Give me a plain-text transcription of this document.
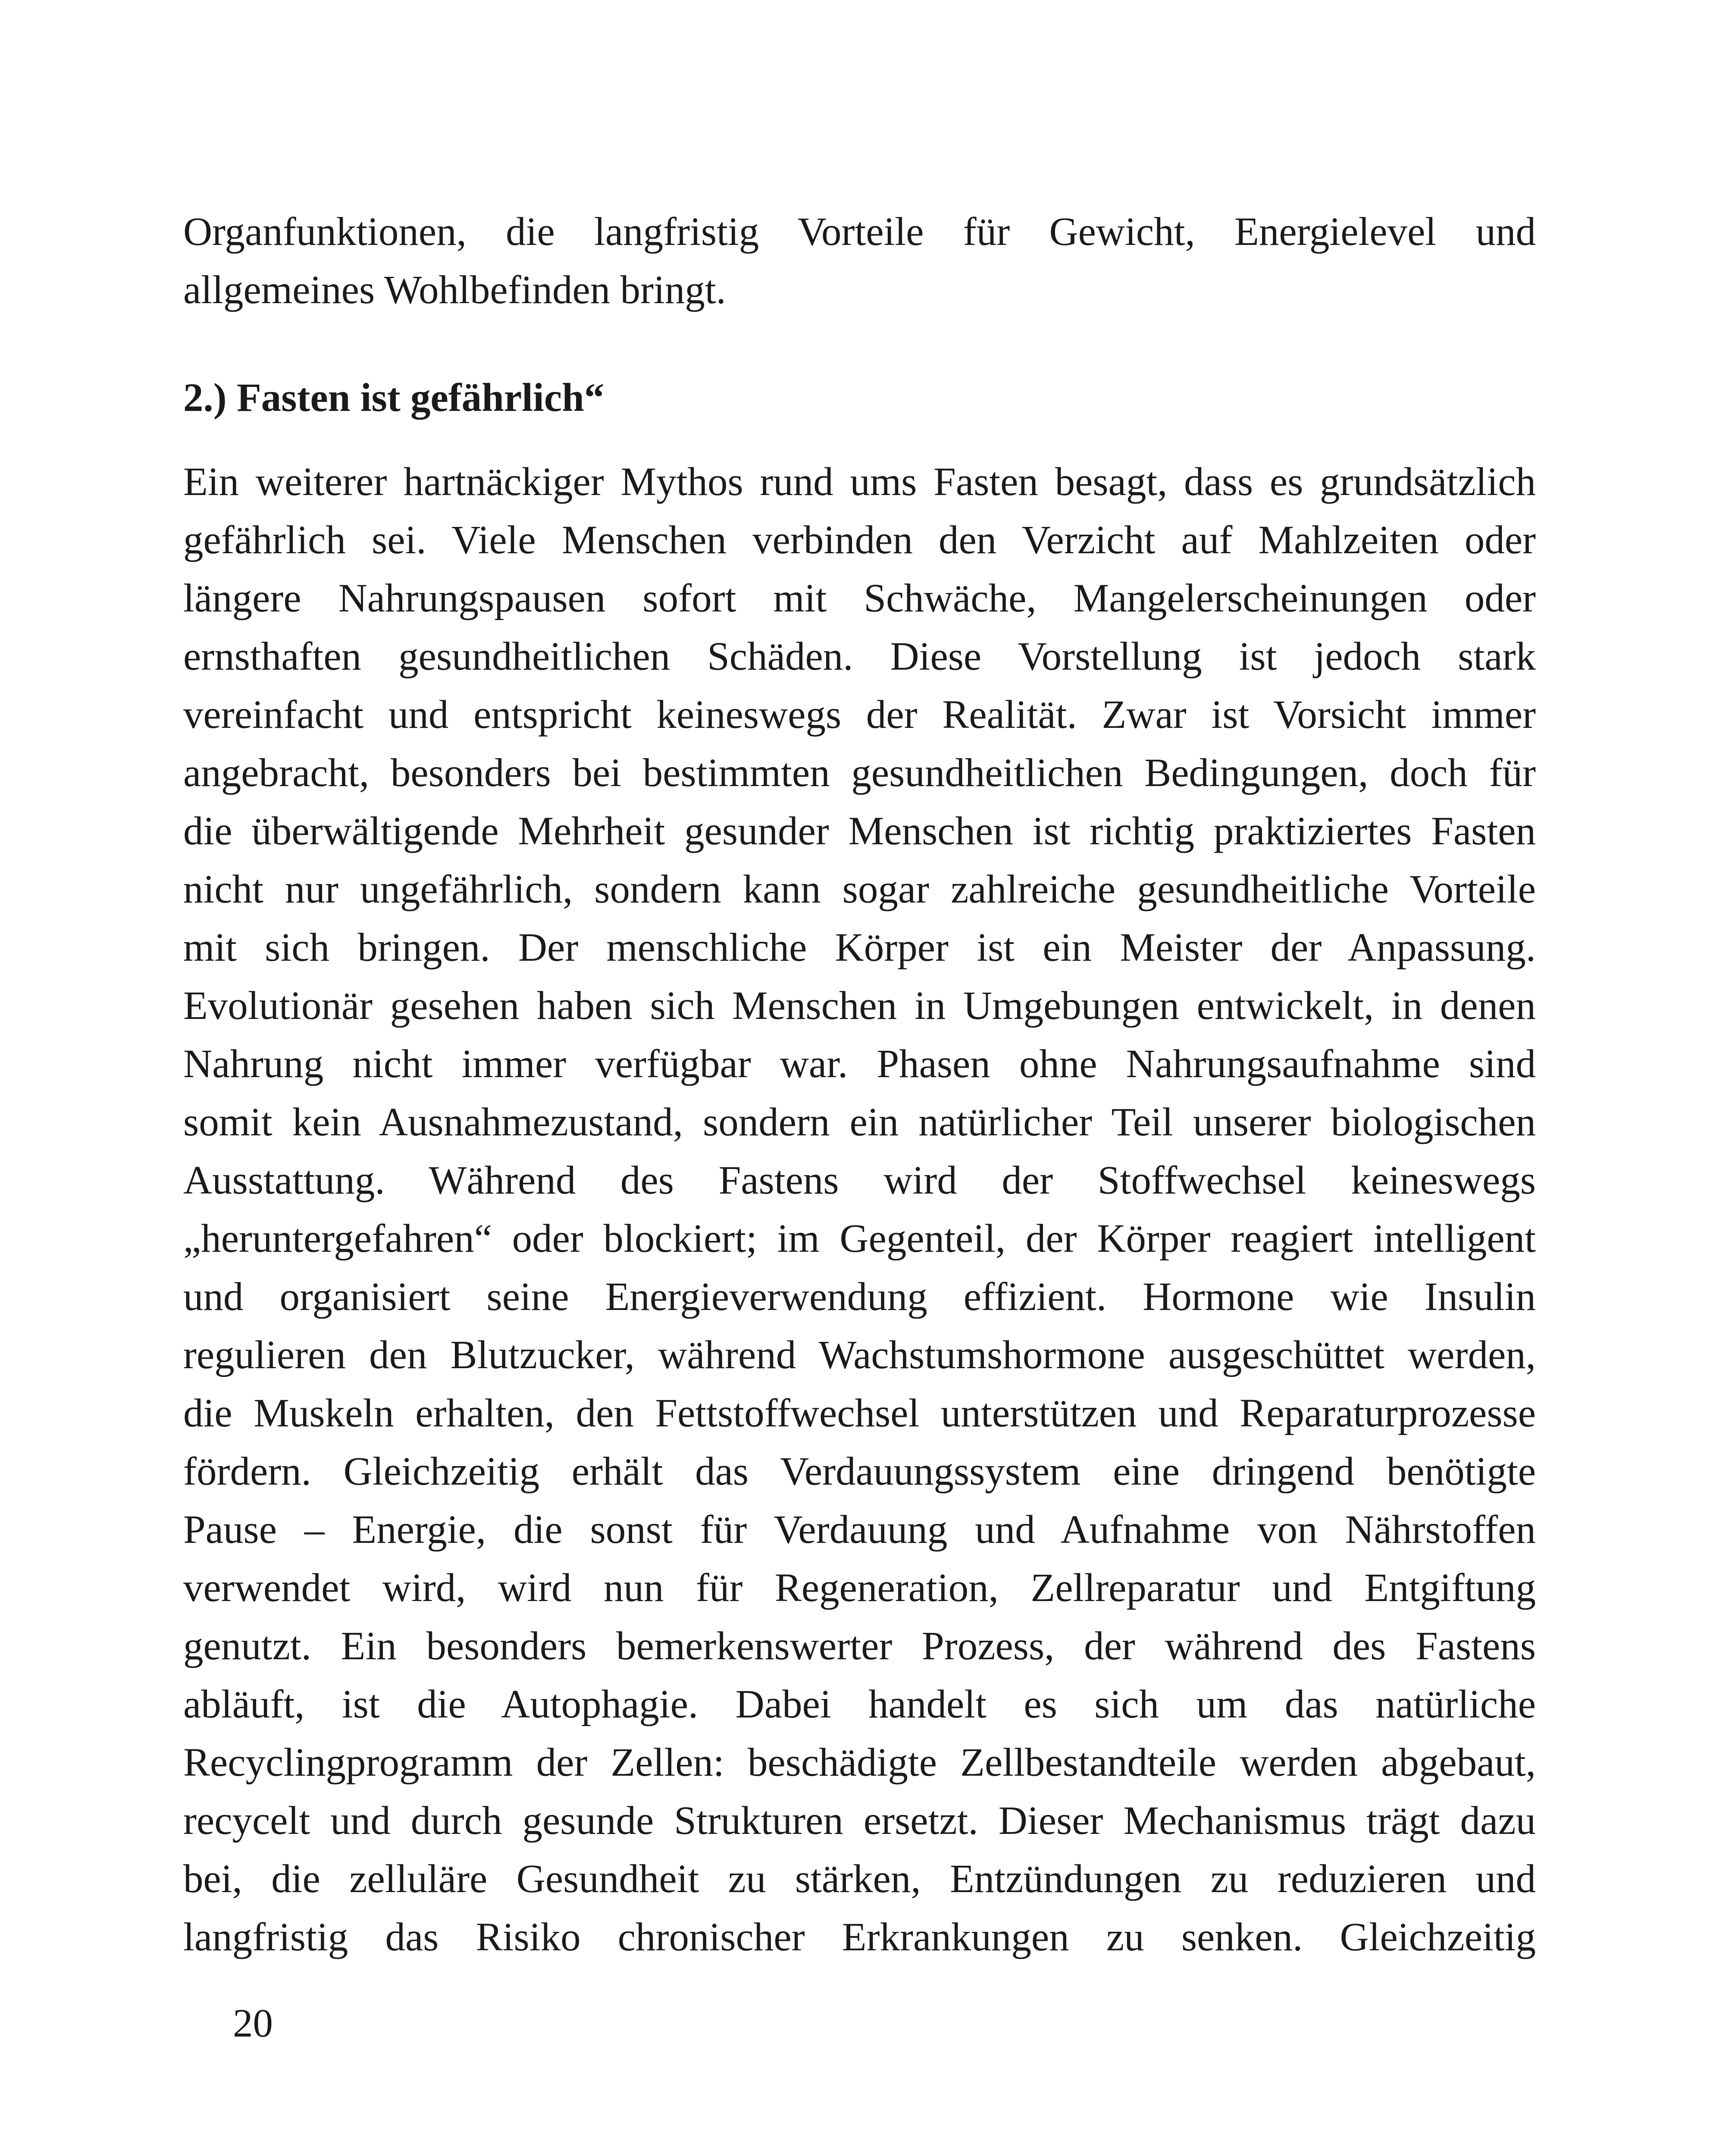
Organfunktionen, die langfristig Vorteile für Gewicht, Energielevel und
allgemeines Wohlbefinden bringt.
2.) Fasten ist gefährlich“
Ein weiterer hartnäckiger Mythos rund ums Fasten besagt, dass es grundsätzlich
gefährlich sei. Viele Menschen verbinden den Verzicht auf Mahlzeiten oder
längere Nahrungspausen sofort mit Schwäche, Mangelerscheinungen oder
ernsthaften gesundheitlichen Schäden. Diese Vorstellung ist jedoch stark
vereinfacht und entspricht keineswegs der Realität. Zwar ist Vorsicht immer
angebracht, besonders bei bestimmten gesundheitlichen Bedingungen, doch für
die überwältigende Mehrheit gesunder Menschen ist richtig praktiziertes Fasten
nicht nur ungefährlich, sondern kann sogar zahlreiche gesundheitliche Vorteile
mit sich bringen. Der menschliche Körper ist ein Meister der Anpassung.
Evolutionär gesehen haben sich Menschen in Umgebungen entwickelt, in denen
Nahrung nicht immer verfügbar war. Phasen ohne Nahrungsaufnahme sind
somit kein Ausnahmezustand, sondern ein natürlicher Teil unserer biologischen
Ausstattung. Während des Fastens wird der Stoffwechsel keineswegs
„heruntergefahren“ oder blockiert; im Gegenteil, der Körper reagiert intelligent
und organisiert seine Energieverwendung effizient. Hormone wie Insulin
regulieren den Blutzucker, während Wachstumshormone ausgeschüttet werden,
die Muskeln erhalten, den Fettstoffwechsel unterstützen und Reparaturprozesse
fördern. Gleichzeitig erhält das Verdauungssystem eine dringend benötigte
Pause – Energie, die sonst für Verdauung und Aufnahme von Nährstoffen
verwendet wird, wird nun für Regeneration, Zellreparatur und Entgiftung
genutzt. Ein besonders bemerkenswerter Prozess, der während des Fastens
abläuft, ist die Autophagie. Dabei handelt es sich um das natürliche
Recyclingprogramm der Zellen: beschädigte Zellbestandteile werden abgebaut,
recycelt und durch gesunde Strukturen ersetzt. Dieser Mechanismus trägt dazu
bei, die zelluläre Gesundheit zu stärken, Entzündungen zu reduzieren und
langfristig das Risiko chronischer Erkrankungen zu senken. Gleichzeitig
20
